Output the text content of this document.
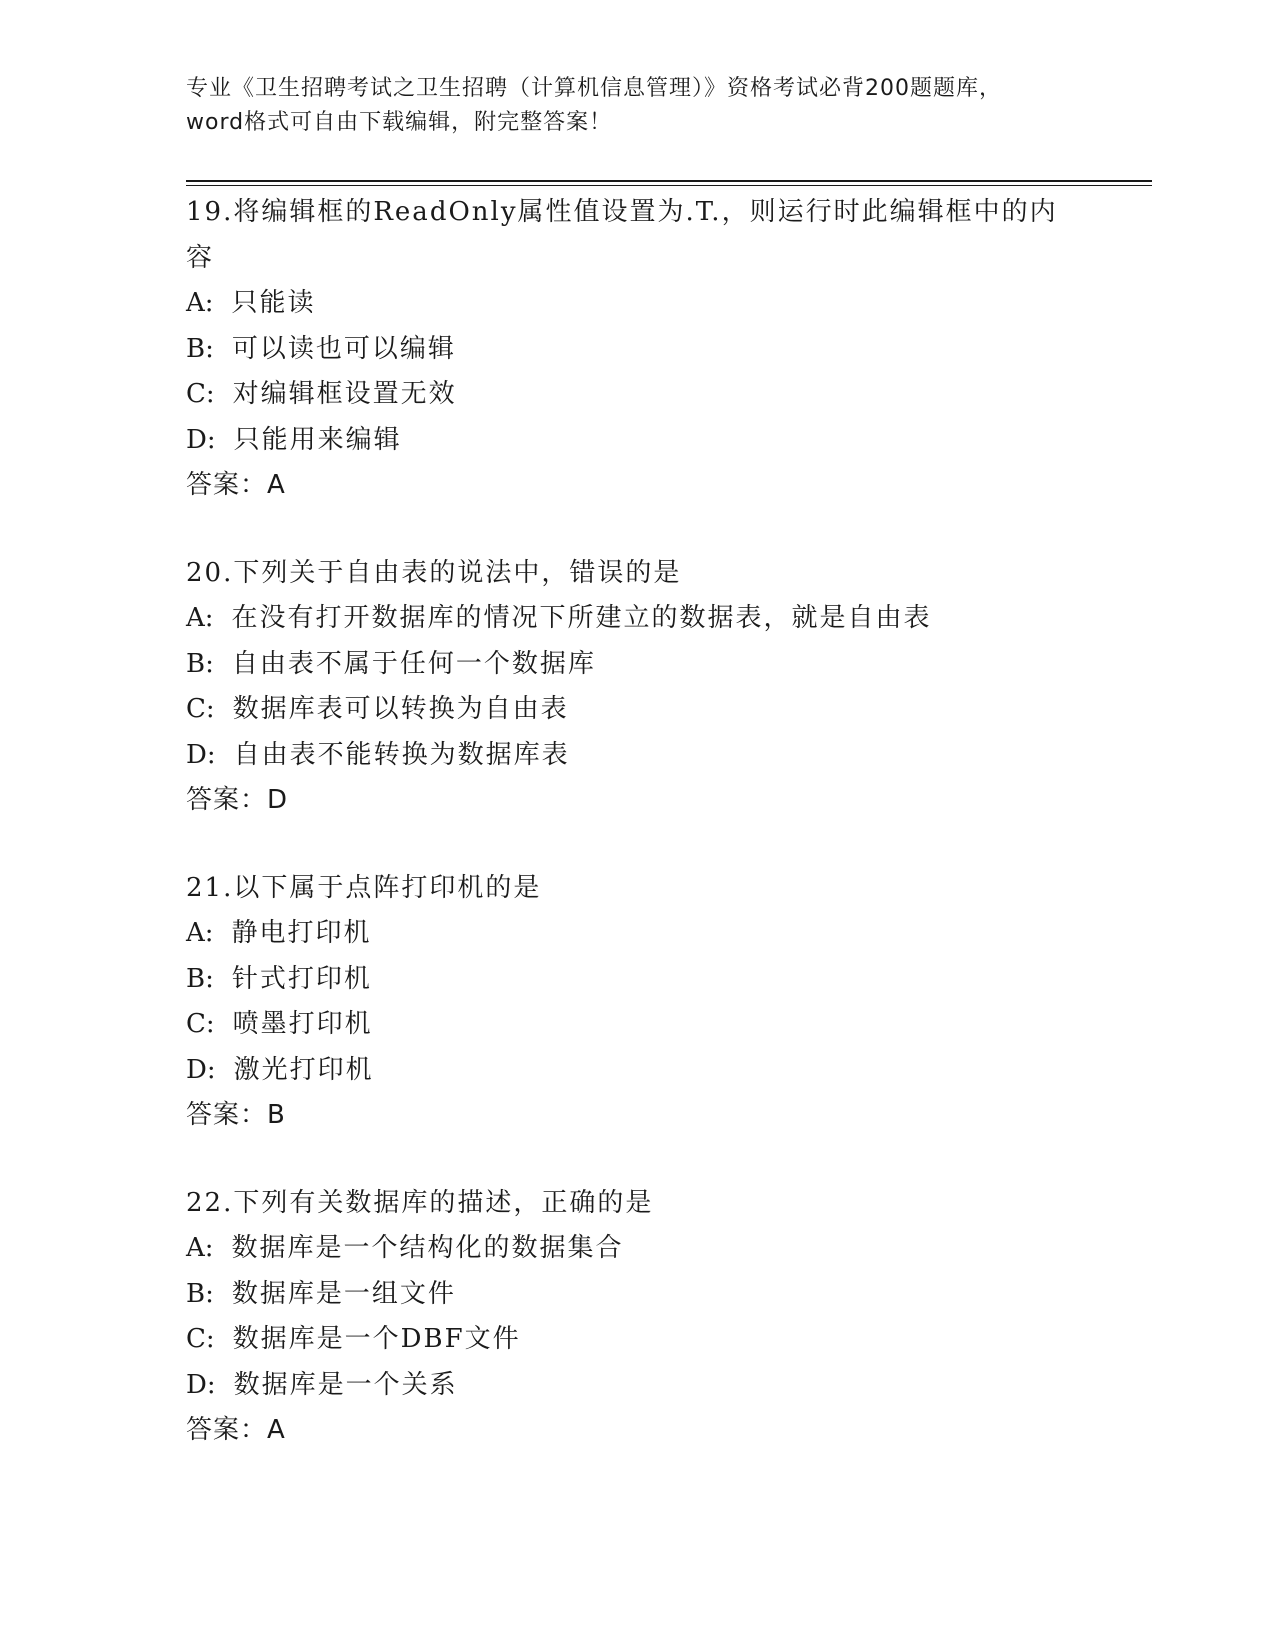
专业《卫生招聘考试之卫生招聘（计算机信息管理）》资格考试必背200题题库，
word格式可自由下载编辑，附完整答案！
19.将编辑框的ReadOnly属性值设置为.T.，则运行时此编辑框中的内
容
A: 只能读
B: 可以读也可以编辑
C: 对编辑框设置无效
D: 只能用来编辑
答案：A
20.下列关于自由表的说法中，错误的是
A: 在没有打开数据库的情况下所建立的数据表，就是自由表
B: 自由表不属于任何一个数据库
C: 数据库表可以转换为自由表
D: 自由表不能转换为数据库表
答案：D
21.以下属于点阵打印机的是
A: 静电打印机
B: 针式打印机
C: 喷墨打印机
D: 激光打印机
答案：B
22.下列有关数据库的描述，正确的是
A: 数据库是一个结构化的数据集合
B: 数据库是一组文件
C: 数据库是一个DBF文件
D: 数据库是一个关系
答案：A
